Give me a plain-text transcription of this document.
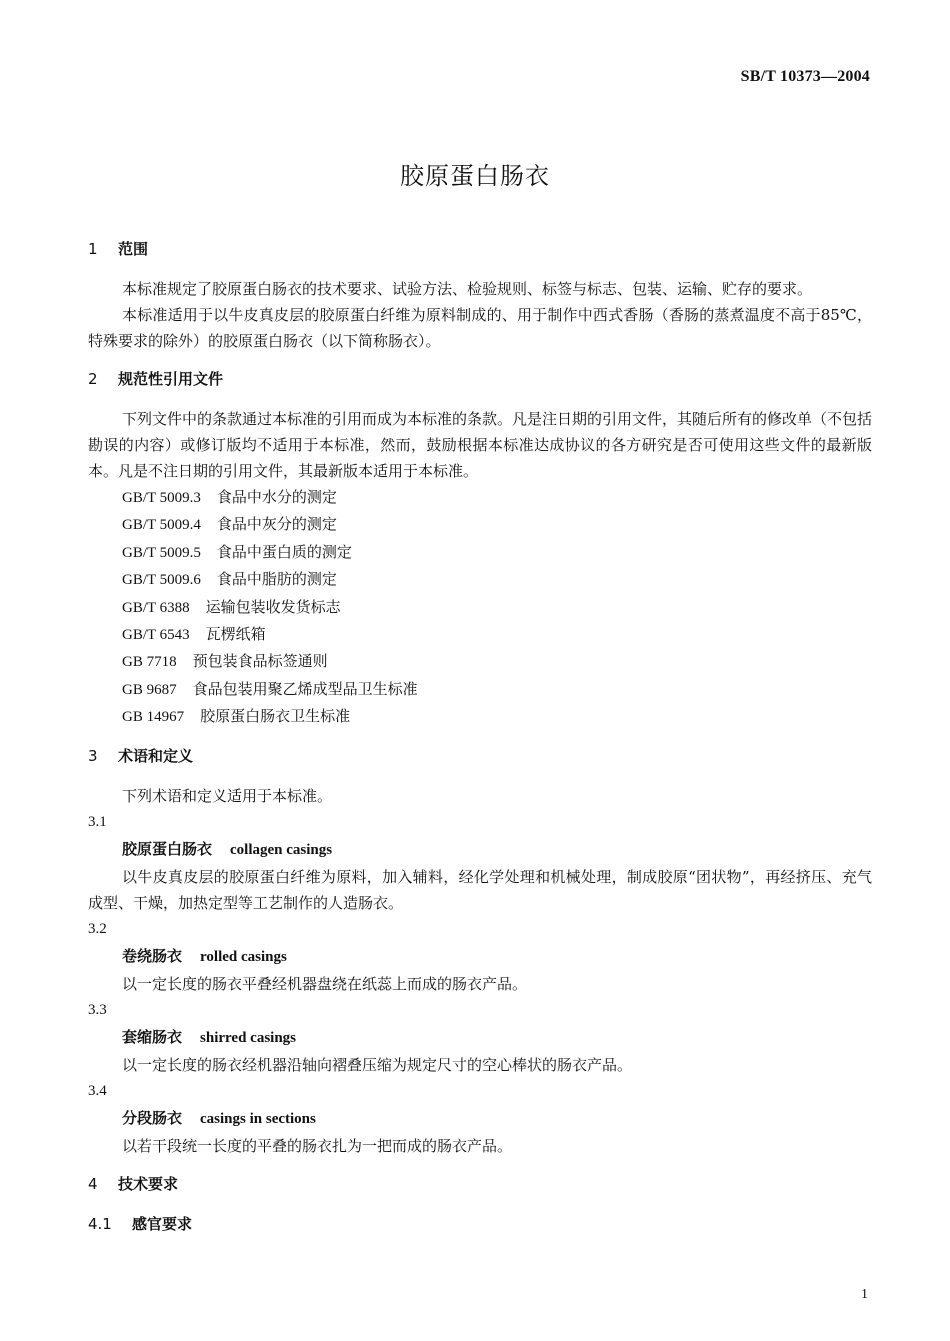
SB/T 10373—2004
胶原蛋白肠衣
1 范围

本标准规定了胶原蛋白肠衣的技术要求、试验方法、检验规则、标签与标志、包装、运输、贮存的要求。

本标准适用于以牛皮真皮层的胶原蛋白纤维为原料制成的、用于制作中西式香肠（香肠的蒸煮温度不高于85℃，特殊要求的除外）的胶原蛋白肠衣（以下简称肠衣）。

2 规范性引用文件

下列文件中的条款通过本标准的引用而成为本标准的条款。凡是注日期的引用文件，其随后所有的修改单（不包括勘误的内容）或修订版均不适用于本标准，然而，鼓励根据本标准达成协议的各方研究是否可使用这些文件的最新版本。凡是不注日期的引用文件，其最新版本适用于本标准。

GB/T 5009.3 食品中水分的测定

GB/T 5009.4 食品中灰分的测定

GB/T 5009.5 食品中蛋白质的测定

GB/T 5009.6 食品中脂肪的测定

GB/T 6388 运输包装收发货标志

GB/T 6543 瓦楞纸箱

GB 7718 预包装食品标签通则

GB 9687 食品包装用聚乙烯成型品卫生标准

GB 14967 胶原蛋白肠衣卫生标准

3 术语和定义

下列术语和定义适用于本标准。

3.1

胶原蛋白肠衣 collagen casings

以牛皮真皮层的胶原蛋白纤维为原料，加入辅料，经化学处理和机械处理，制成胶原“团状物”，再经挤压、充气成型、干燥，加热定型等工艺制作的人造肠衣。

3.2

卷绕肠衣 rolled casings

以一定长度的肠衣平叠经机器盘绕在纸蕊上而成的肠衣产品。

3.3

套缩肠衣 shirred casings

以一定长度的肠衣经机器沿轴向褶叠压缩为规定尺寸的空心棒状的肠衣产品。

3.4

分段肠衣 casings in sections

以若干段统一长度的平叠的肠衣扎为一把而成的肠衣产品。

4 技术要求
4.1 感官要求
1
